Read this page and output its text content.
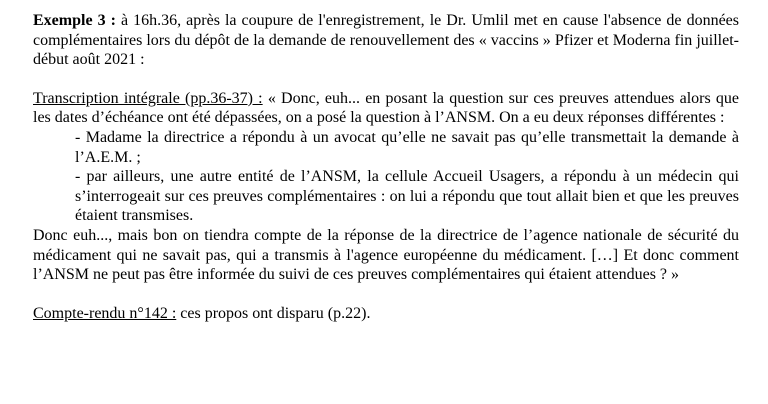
Exemple 3 : à 16h.36, après la coupure de l'enregistrement, le Dr. Umlil met en cause l'absence de données complémentaires lors du dépôt de la demande de renouvellement des « vaccins » Pfizer et Moderna fin juillet-début août 2021 :

Transcription intégrale (pp.36-37) : « Donc, euh... en posant la question sur ces preuves attendues alors que les dates d’échéance ont été dépassées, on a posé la question à l’ANSM. On a eu deux réponses différentes :

- Madame la directrice a répondu à un avocat qu’elle ne savait pas qu’elle transmettait la demande à l’A.E.M. ;

- par ailleurs, une autre entité de l’ANSM, la cellule Accueil Usagers, a répondu à un médecin qui s’interrogeait sur ces preuves complémentaires : on lui a répondu que tout allait bien et que les preuves étaient transmises.

Donc euh..., mais bon on tiendra compte de la réponse de la directrice de l’agence nationale de sécurité du médicament qui ne savait pas, qui a transmis à l'agence européenne du médicament. […] Et donc comment l’ANSM ne peut pas être informée du suivi de ces preuves complémentaires qui étaient attendues ? »

Compte-rendu n°142 : ces propos ont disparu (p.22).
